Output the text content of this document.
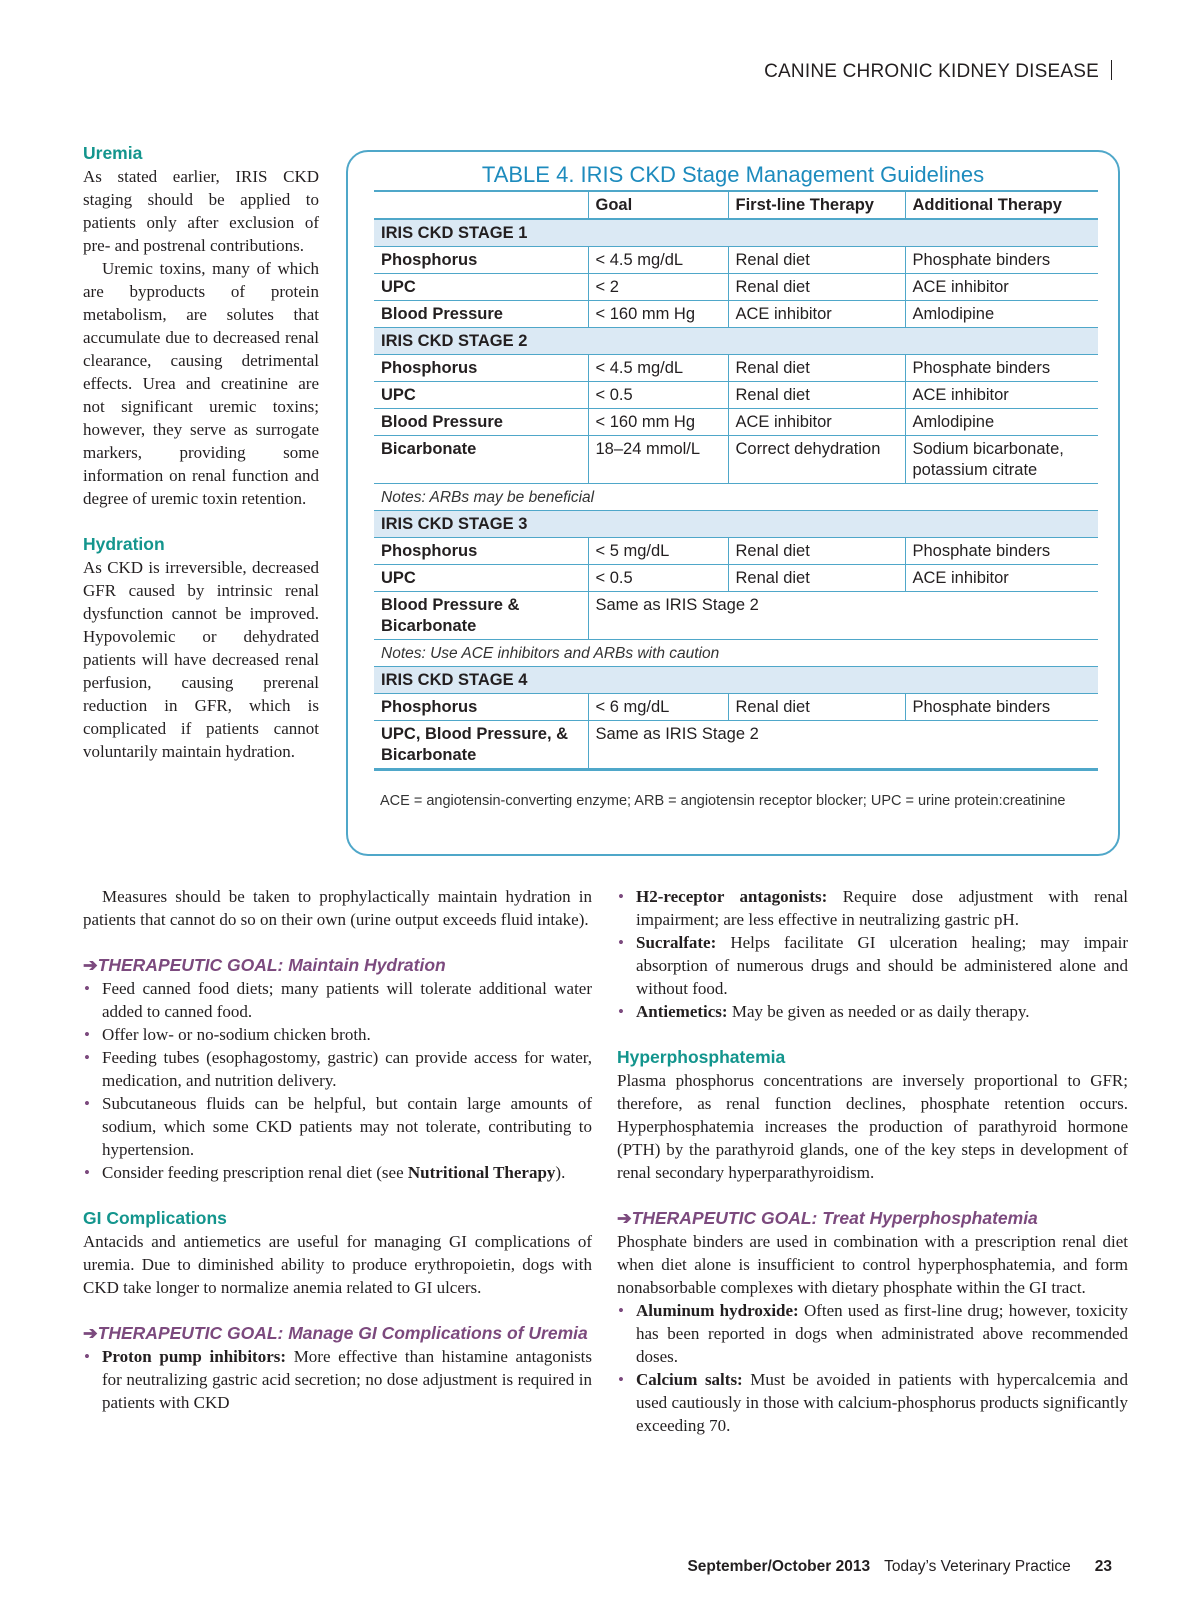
CANINE CHRONIC KIDNEY DISEASE
Uremia

As stated earlier, IRIS CKD staging should be applied to patients only after exclusion of pre- and postrenal contributions.

Uremic toxins, many of which are byproducts of protein metabolism, are solutes that accumulate due to decreased renal clearance, causing detrimental effects. Urea and creatinine are not significant uremic toxins; however, they serve as surrogate markers, providing some information on renal function and degree of uremic toxin retention.

Hydration

As CKD is irreversible, decreased GFR caused by intrinsic renal dysfunction cannot be improved. Hypovolemic or dehydrated patients will have decreased renal perfusion, causing prerenal reduction in GFR, which is complicated if patients cannot voluntarily maintain hydration.

Measures should be taken to prophylactically maintain hydration in patients that cannot do so on their own (urine output exceeds fluid intake).

➔THERAPEUTIC GOAL: Maintain Hydration

• Feed canned food diets; many patients will tolerate additional water added to canned food.
• Offer low- or no-sodium chicken broth.
• Feeding tubes (esophagostomy, gastric) can provide access for water, medication, and nutrition delivery.
• Subcutaneous fluids can be helpful, but contain large amounts of sodium, which some CKD patients may not tolerate, contributing to hypertension.
• Consider feeding prescription renal diet (see Nutritional Therapy).
GI Complications

Antacids and antiemetics are useful for managing GI complications of uremia. Due to diminished ability to produce erythropoietin, dogs with CKD take longer to normalize anemia related to GI ulcers.

➔THERAPEUTIC GOAL: Manage GI Complications of Uremia

• Proton pump inhibitors: More effective than histamine antagonists for neutralizing gastric acid secretion; no dose adjustment is required in patients with CKD
• H2-receptor antagonists: Require dose adjustment with renal impairment; are less effective in neutralizing gastric pH.
• Sucralfate: Helps facilitate GI ulceration healing; may impair absorption of numerous drugs and should be administered alone and without food.
• Antiemetics: May be given as needed or as daily therapy.
Hyperphosphatemia

Plasma phosphorus concentrations are inversely proportional to GFR; therefore, as renal function declines, phosphate retention occurs. Hyperphosphatemia increases the production of parathyroid hormone (PTH) by the parathyroid glands, one of the key steps in development of renal secondary hyperparathyroidism.

➔THERAPEUTIC GOAL: Treat Hyperphosphatemia

Phosphate binders are used in combination with a prescription renal diet when diet alone is insufficient to control hyperphosphatemia, and form nonabsorbable complexes with dietary phosphate within the GI tract.

• Aluminum hydroxide: Often used as first-line drug; however, toxicity has been reported in dogs when administrated above recommended doses.
• Calcium salts: Must be avoided in patients with hypercalcemia and used cautiously in those with calcium-phosphorus products significantly exceeding 70.
TABLE 4. IRIS CKD Stage Management Guidelines
	Goal	First-line Therapy	Additional Therapy
IRIS CKD STAGE 1			
Phosphorus	< 4.5 mg/dL	Renal diet	Phosphate binders
UPC	< 2	Renal diet	ACE inhibitor
Blood Pressure	< 160 mm Hg	ACE inhibitor	Amlodipine
IRIS CKD STAGE 2			
Phosphorus	< 4.5 mg/dL	Renal diet	Phosphate binders
UPC	< 0.5	Renal diet	ACE inhibitor
Blood Pressure	< 160 mm Hg	ACE inhibitor	Amlodipine
Bicarbonate	18–24 mmol/L	Correct dehydration	Sodium bicarbonate, potassium citrate
Notes: ARBs may be beneficial			
IRIS CKD STAGE 3			
Phosphorus	< 5 mg/dL	Renal diet	Phosphate binders
UPC	< 0.5	Renal diet	ACE inhibitor
Blood Pressure & Bicarbonate	Same as IRIS Stage 2		
Notes: Use ACE inhibitors and ARBs with caution			
IRIS CKD STAGE 4			
Phosphorus	< 6 mg/dL	Renal diet	Phosphate binders
UPC, Blood Pressure, & Bicarbonate	Same as IRIS Stage 2		
ACE = angiotensin-converting enzyme; ARB = angiotensin receptor blocker; UPC = urine protein:creatinine
September/October 2013 Today’s Veterinary Practice 23
